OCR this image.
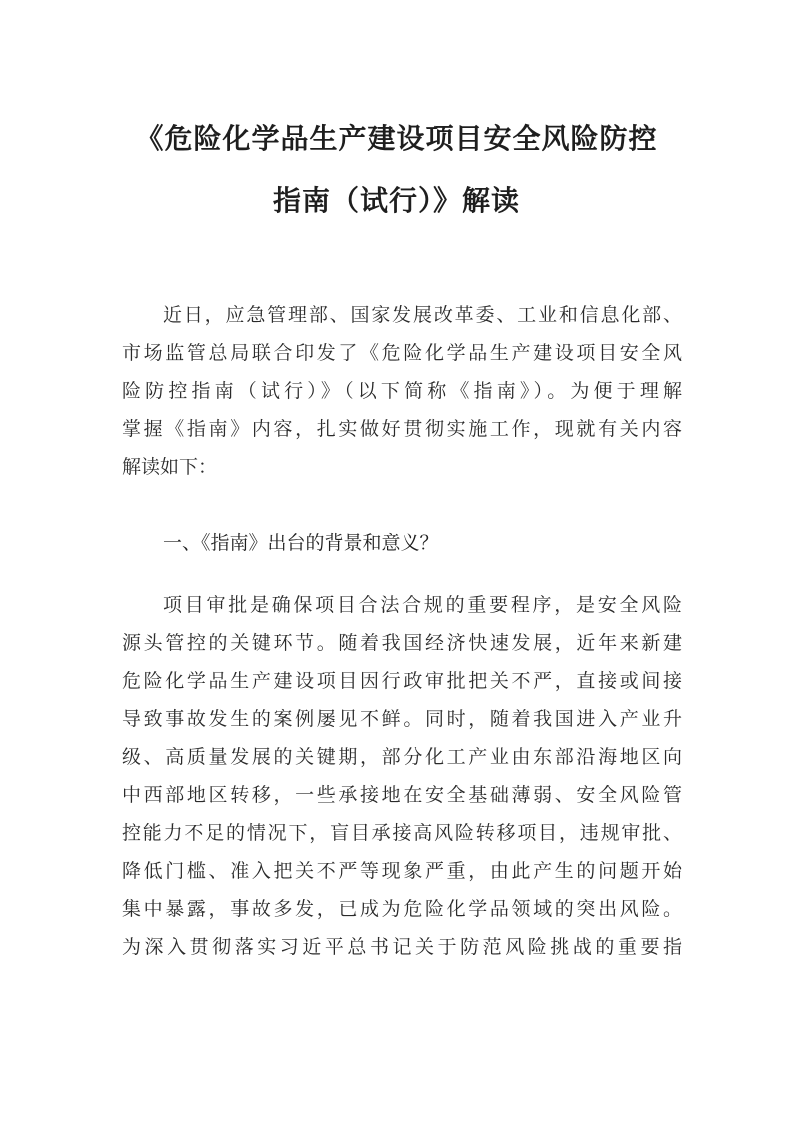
《危险化学品生产建设项目安全风险防控
指南（试行）》解读
近日，应急管理部、国家发展改革委、工业和信息化部、
市场监管总局联合印发了《危险化学品生产建设项目安全风
险防控指南（试行）》（以下简称《指南》）。为便于理解
掌握《指南》内容，扎实做好贯彻实施工作，现就有关内容
解读如下：
一、《指南》出台的背景和意义？
项目审批是确保项目合法合规的重要程序，是安全风险
源头管控的关键环节。随着我国经济快速发展，近年来新建
危险化学品生产建设项目因行政审批把关不严，直接或间接
导致事故发生的案例屡见不鲜。同时，随着我国进入产业升
级、高质量发展的关键期，部分化工产业由东部沿海地区向
中西部地区转移，一些承接地在安全基础薄弱、安全风险管
控能力不足的情况下，盲目承接高风险转移项目，违规审批、
降低门槛、准入把关不严等现象严重，由此产生的问题开始
集中暴露，事故多发，已成为危险化学品领域的突出风险。
为深入贯彻落实习近平总书记关于防范风险挑战的重要指
